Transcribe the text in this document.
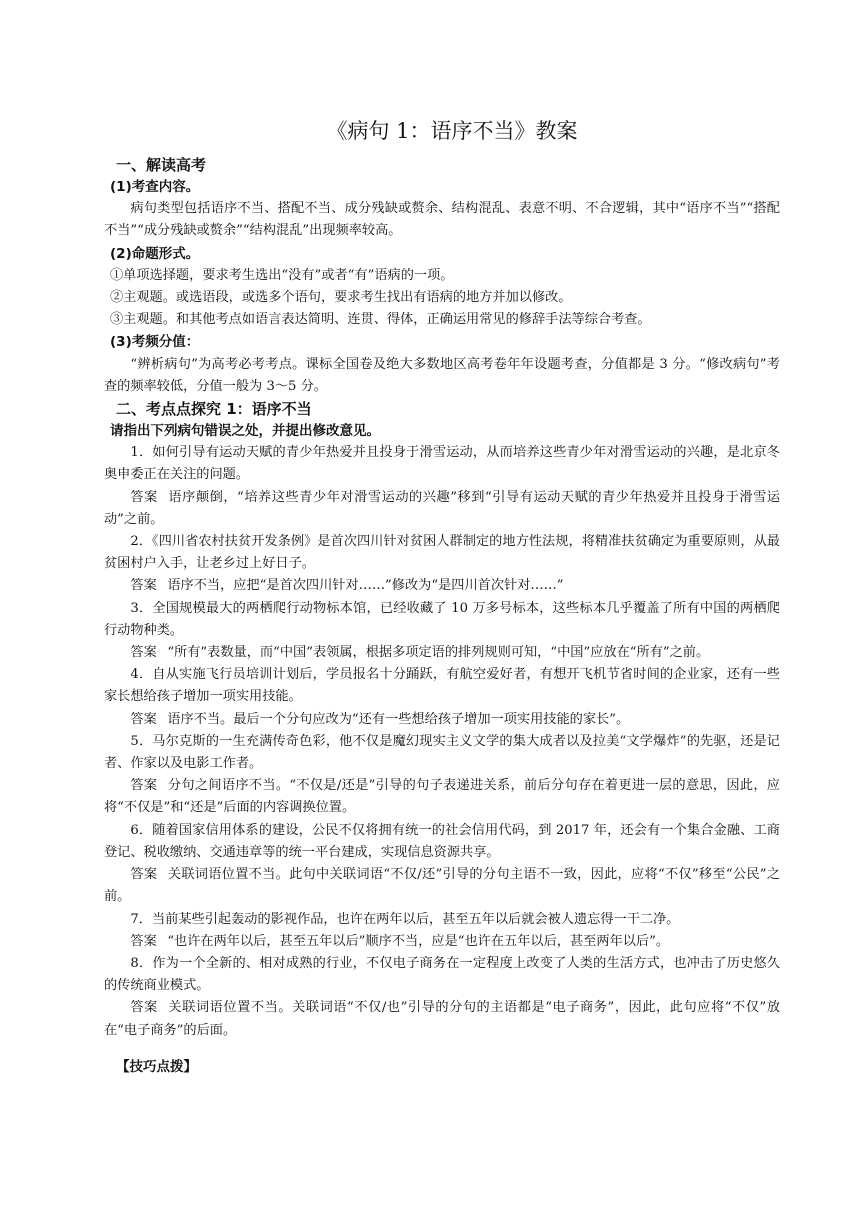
《病句 1：语序不当》教案
一、解读高考
(1)考查内容。
病句类型包括语序不当、搭配不当、成分残缺或赘余、结构混乱、表意不明、不合逻辑，其中“语序不当”“搭配不当”“成分残缺或赘余”“结构混乱”出现频率较高。
(2)命题形式。
①单项选择题，要求考生选出“没有”或者“有”语病的一项。
②主观题。或选语段，或选多个语句，要求考生找出有语病的地方并加以修改。
③主观题。和其他考点如语言表达简明、连贯、得体，正确运用常见的修辞手法等综合考查。
(3)考频分值：
“辨析病句”为高考必考考点。课标全国卷及绝大多数地区高考卷年年设题考查，分值都是 3 分。“修改病句”考查的频率较低，分值一般为 3～5 分。
二、考点点探究 1：语序不当
请指出下列病句错误之处，并提出修改意见。
1．如何引导有运动天赋的青少年热爱并且投身于滑雪运动，从而培养这些青少年对滑雪运动的兴趣，是北京冬奥申委正在关注的问题。
答案 语序颠倒，“培养这些青少年对滑雪运动的兴趣”移到“引导有运动天赋的青少年热爱并且投身于滑雪运动”之前。
2．《四川省农村扶贫开发条例》是首次四川针对贫困人群制定的地方性法规，将精准扶贫确定为重要原则，从最贫困村户入手，让老乡过上好日子。
答案 语序不当，应把“是首次四川针对……”修改为“是四川首次针对……”
3．全国规模最大的两栖爬行动物标本馆，已经收藏了 10 万多号标本，这些标本几乎覆盖了所有中国的两栖爬行动物种类。
答案 “所有”表数量，而“中国”表领属，根据多项定语的排列规则可知，“中国”应放在“所有”之前。
4．自从实施飞行员培训计划后，学员报名十分踊跃，有航空爱好者，有想开飞机节省时间的企业家，还有一些家长想给孩子增加一项实用技能。
答案 语序不当。最后一个分句应改为“还有一些想给孩子增加一项实用技能的家长”。
5．马尔克斯的一生充满传奇色彩，他不仅是魔幻现实主义文学的集大成者以及拉美“文学爆炸”的先驱，还是记者、作家以及电影工作者。
答案 分句之间语序不当。“不仅是/还是”引导的句子表递进关系，前后分句存在着更进一层的意思，因此，应将“不仅是”和“还是”后面的内容调换位置。
6．随着国家信用体系的建设，公民不仅将拥有统一的社会信用代码，到 2017 年，还会有一个集合金融、工商登记、税收缴纳、交通违章等的统一平台建成，实现信息资源共享。
答案 关联词语位置不当。此句中关联词语“不仅/还”引导的分句主语不一致，因此，应将“不仅”移至“公民”之前。
7．当前某些引起轰动的影视作品，也许在两年以后，甚至五年以后就会被人遗忘得一干二净。
答案 “也许在两年以后，甚至五年以后”顺序不当，应是“也许在五年以后，甚至两年以后”。
8．作为一个全新的、相对成熟的行业，不仅电子商务在一定程度上改变了人类的生活方式，也冲击了历史悠久的传统商业模式。
答案 关联词语位置不当。关联词语“不仅/也”引导的分句的主语都是“电子商务”，因此，此句应将“不仅”放在“电子商务”的后面。
【技巧点拨】
